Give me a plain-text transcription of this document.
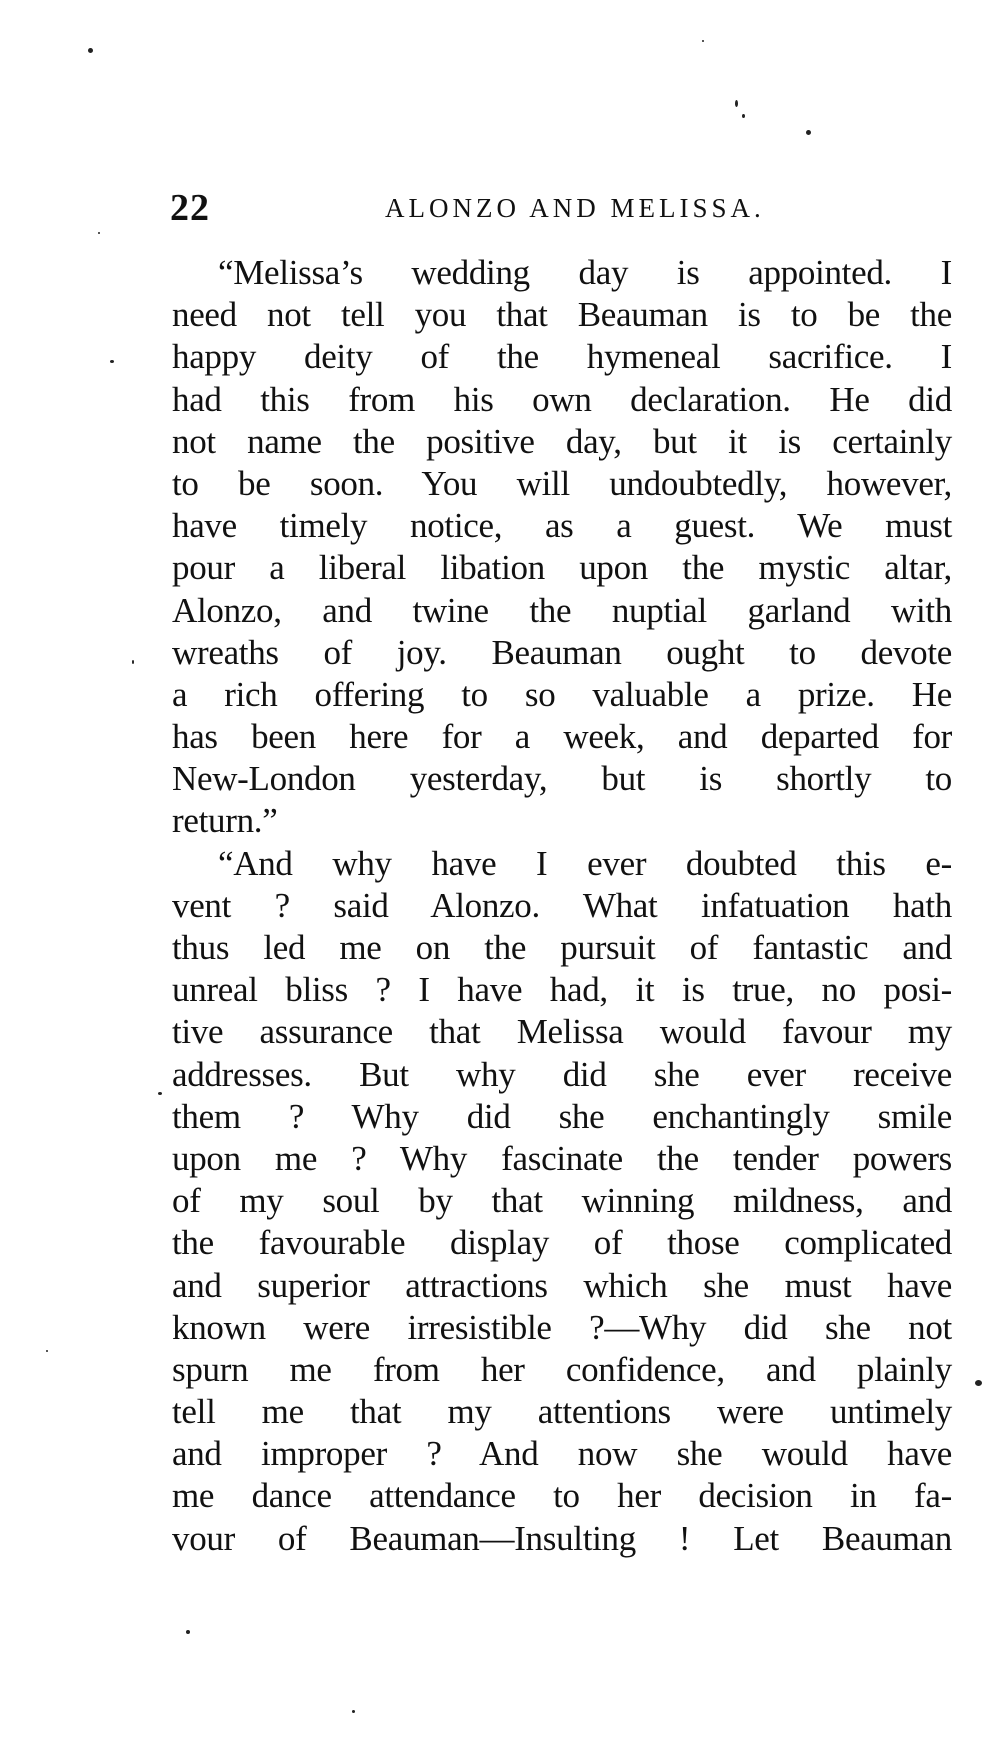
22	ALONZO AND MELISSA.
“Melissa’s wedding day is appointed. I
need not tell you that Beauman is to be the
happy deity of the hymeneal sacrifice. I
had this from his own declaration. He did
not name the positive day, but it is certainly
to be soon. You will undoubtedly, however,
have timely notice, as a guest. We must
pour a liberal libation upon the mystic altar,
Alonzo, and twine the nuptial garland with
wreaths of joy. Beauman ought to devote
a rich offering to so valuable a prize. He
has been here for a week, and departed for
New-London yesterday, but is shortly to
return.”
“And why have I ever doubted this e-
vent ? said Alonzo. What infatuation hath
thus led me on the pursuit of fantastic and
unreal bliss ? I have had, it is true, no posi-
tive assurance that Melissa would favour my
addresses. But why did she ever receive
them ? Why did she enchantingly smile
upon me ? Why fascinate the tender powers
of my soul by that winning mildness, and
the favourable display of those complicated
and superior attractions which she must have
known were irresistible ?—Why did she not
spurn me from her confidence, and plainly
tell me that my attentions were untimely
and improper ? And now she would have
me dance attendance to her decision in fa-
vour of Beauman—Insulting ! Let Beauman
